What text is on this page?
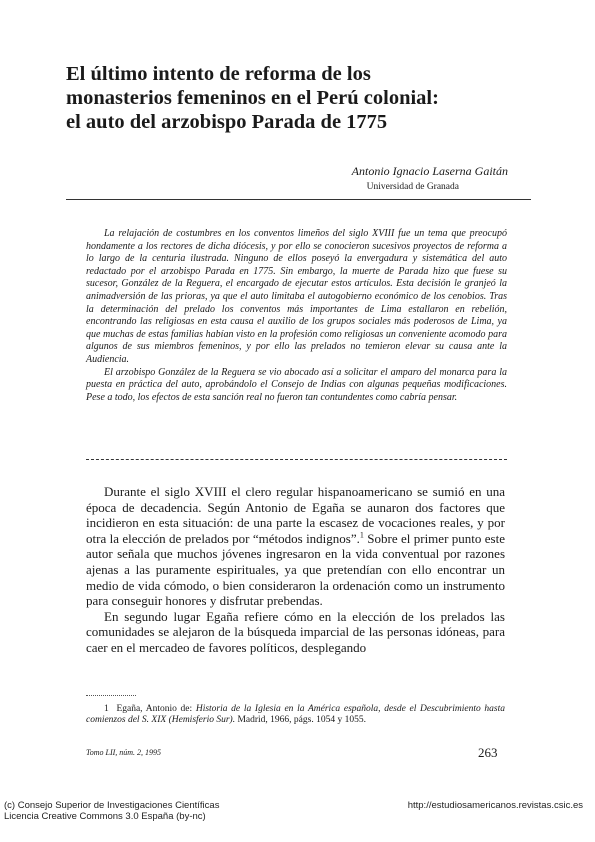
El último intento de reforma de los
monasterios femeninos en el Perú colonial:
el auto del arzobispo Parada de 1775
Antonio Ignacio Laserna Gaitán
Universidad de Granada

La relajación de costumbres en los conventos limeños del siglo XVIII fue un tema que preocupó hondamente a los rectores de dicha diócesis, y por ello se conocieron sucesivos proyectos de reforma a lo largo de la centuria ilustrada. Ninguno de ellos poseyó la envergadura y sistemática del auto redactado por el arzobispo Parada en 1775. Sin embargo, la muerte de Parada hizo que fuese su sucesor, González de la Reguera, el encargado de ejecutar estos artículos. Esta decisión le granjeó la animadversión de las prioras, ya que el auto limitaba el autogobierno económico de los cenobios. Tras la determinación del prelado los conventos más importantes de Lima estallaron en rebelión, encontrando las religiosas en esta causa el auxilio de los grupos sociales más poderosos de Lima, ya que muchas de estas familias habían visto en la profesión como religiosas un conveniente acomodo para algunos de sus miembros femeninos, y por ello las prelados no temieron elevar su causa ante la Audiencia.

El arzobispo González de la Reguera se vio abocado así a solicitar el amparo del monarca para la puesta en práctica del auto, aprobándolo el Consejo de Indias con algunas pequeñas modificaciones. Pese a todo, los efectos de esta sanción real no fueron tan contundentes como cabría pensar.

Durante el siglo XVIII el clero regular hispanoamericano se sumió en una época de decadencia. Según Antonio de Egaña se aunaron dos factores que incidieron en esta situación: de una parte la escasez de vocaciones reales, y por otra la elección de prelados por “métodos indignos”.$^1$ Sobre el primer punto este autor señala que muchos jóvenes ingresaron en la vida conventual por razones ajenas a las puramente espirituales, ya que pretendían con ello encontrar un medio de vida cómodo, o bien consideraron la ordenación como un instrumento para conseguir honores y disfrutar prebendas.

En segundo lugar Egaña refiere cómo en la elección de los prelados las comunidades se alejaron de la búsqueda imparcial de las personas idóneas, para caer en el mercadeo de favores políticos, desplegando

1 Egaña, Antonio de: Historia de la Iglesia en la América española, desde el Descubrimiento hasta comienzos del S. XIX (Hemisferio Sur). Madrid, 1966, págs. 1054 y 1055.
Tomo LII, núm. 2, 1995	263
(c) Consejo Superior de Investigaciones Científicas
Licencia Creative Commons 3.0 España (by-nc)
http://estudiosamericanos.revistas.csic.es
